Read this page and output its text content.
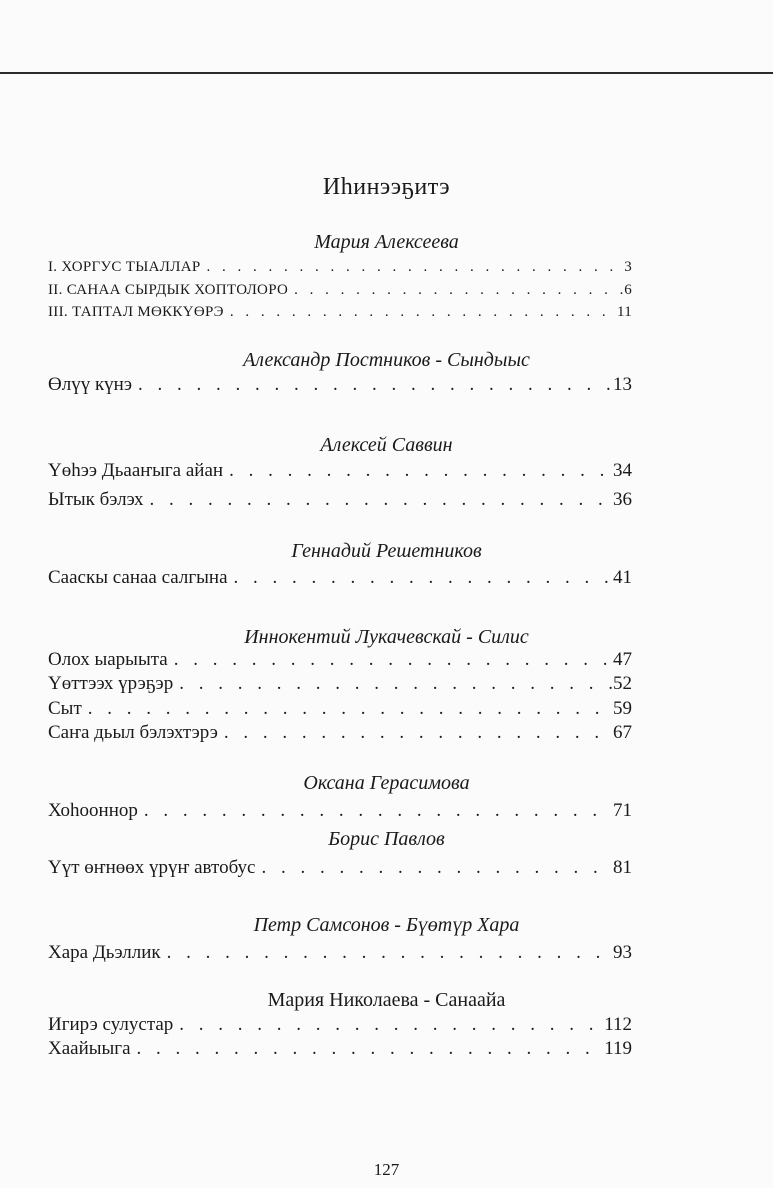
Иһинээҕитэ
Мария Алексеева
I. ХОРГУС ТЫАЛЛАР . . .	3
II. САНАА СЫРДЫК ХОПТОЛОРО . . .	6
III. ТАПТАЛ МӨККҮӨРЭ . . .	11
Александр Постников - Сындыыс
Өлүү күнэ . . .	13
Алексей Саввин
Үөһээ Дьааҥыга айан . . .	34
Ытык бэлэх . . .	36
Геннадий Решетников
Сааскы санаа салгына . . .	41
Иннокентий Лукачевскай - Силис
Олох ыарыыта . . .	47
Үөттээх үрэҕэр . . .	52
Сыт . . .	59
Саҥа дьыл бэлэхтэрэ . . .	67
Оксана Герасимова
Хоһооннор . . .	71
Борис Павлов
Үүт өҥнөөх үрүҥ автобус . . .	81
Петр Самсонов - Бүөтүр Хара
Хара Дьэллик . . .	93
Мария Николаева - Санаайа
Игирэ сулустар . . .	112
Хаайыыга . . .	119
127
